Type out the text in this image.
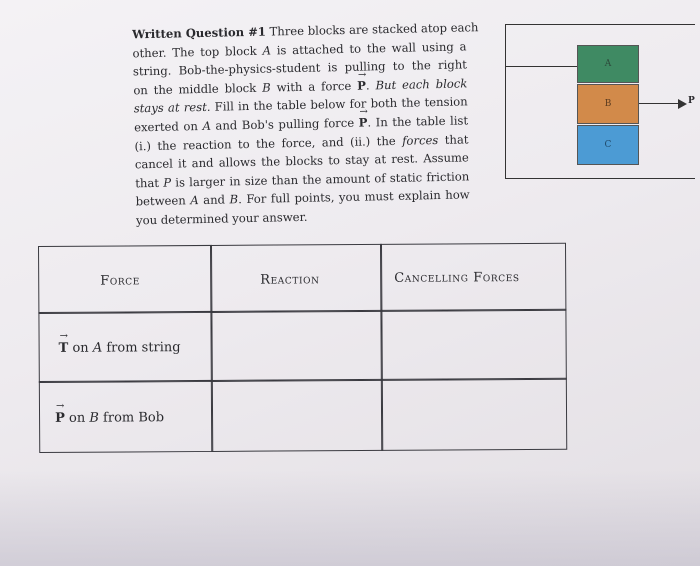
Written Question #1 Three blocks are stacked atop each
other. The top block A is attached to the wall using a
string. Bob-the-physics-student is pulling to the right
on the middle block B with a force → P. But each block
stays at rest. Fill in the table below for both the tension
exerted on A and Bob's pulling force → P. In the table list
(i.) the reaction to the force, and (ii.) the forces that
cancel it and allows the blocks to stay at rest. Assume
that P is larger in size than the amount of static friction
between A and B. For full points, you must explain how
you determined your answer.
A
B
C
P
Force	Reaction	Cancelling Forces
→ T on A from string
→ P on B from Bob
